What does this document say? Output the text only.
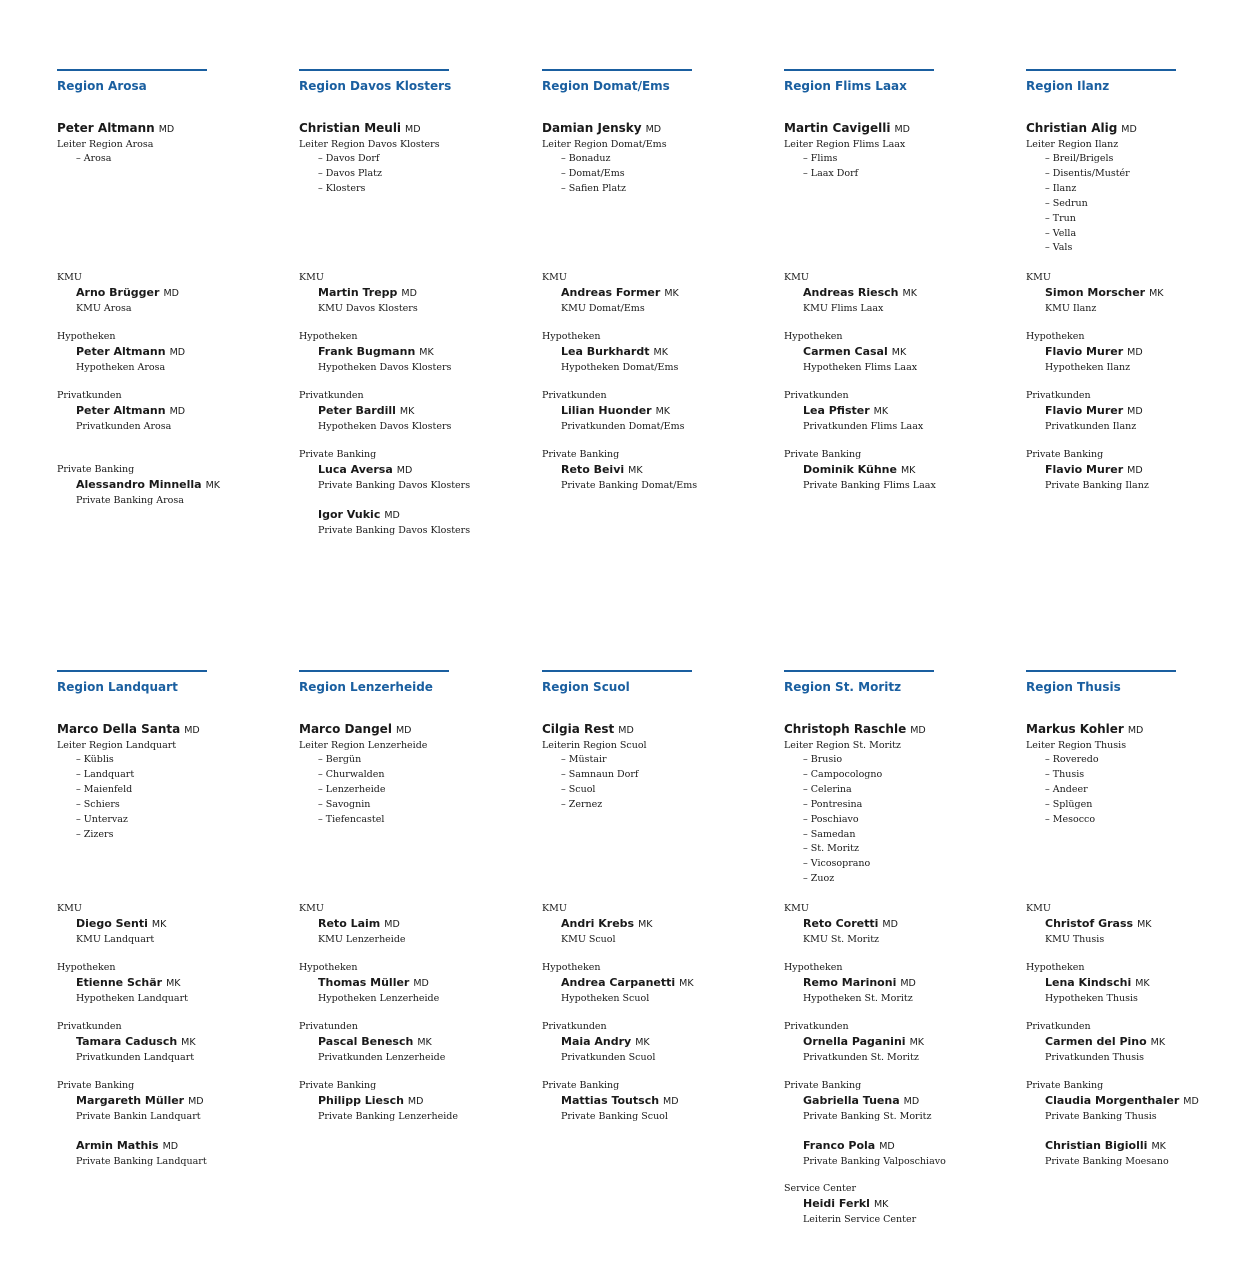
Region Arosa
Peter Altmann MD
Leiter Region Arosa
– Arosa
KMU
Arno Brügger MD
KMU Arosa
Hypotheken
Peter Altmann MD
Hypotheken Arosa
Privatkunden
Peter Altmann MD
Privatkunden Arosa
Private Banking
Alessandro Minnella MK
Private Banking Arosa
Region Davos Klosters
Christian Meuli MD
Leiter Region Davos Klosters
– Davos Dorf
– Davos Platz
– Klosters
KMU
Martin Trepp MD
KMU Davos Klosters
Hypotheken
Frank Bugmann MK
Hypotheken Davos Klosters
Privatkunden
Peter Bardill MK
Hypotheken Davos Klosters
Private Banking
Luca Aversa MD
Private Banking Davos Klosters
Igor Vukic MD
Private Banking Davos Klosters
Region Domat/Ems
Damian Jensky MD
Leiter Region Domat/Ems
– Bonaduz
– Domat/Ems
– Safien Platz
KMU
Andreas Former MK
KMU Domat/Ems
Hypotheken
Lea Burkhardt MK
Hypotheken Domat/Ems
Privatkunden
Lilian Huonder MK
Privatkunden Domat/Ems
Private Banking
Reto Beivi MK
Private Banking Domat/Ems
Region Flims Laax
Martin Cavigelli MD
Leiter Region Flims Laax
– Flims
– Laax Dorf
KMU
Andreas Riesch MK
KMU Flims Laax
Hypotheken
Carmen Casal MK
Hypotheken Flims Laax
Privatkunden
Lea Pfister MK
Privatkunden Flims Laax
Private Banking
Dominik Kühne MK
Private Banking Flims Laax
Region Ilanz
Christian Alig MD
Leiter Region Ilanz
– Breil/Brigels
– Disentis/Mustér
– Ilanz
– Sedrun
– Trun
– Vella
– Vals
KMU
Simon Morscher MK
KMU Ilanz
Hypotheken
Flavio Murer MD
Hypotheken Ilanz
Privatkunden
Flavio Murer MD
Privatkunden Ilanz
Private Banking
Flavio Murer MD
Private Banking Ilanz
Region Landquart
Marco Della Santa MD
Leiter Region Landquart
– Küblis
– Landquart
– Maienfeld
– Schiers
– Untervaz
– Zizers
KMU
Diego Senti MK
KMU Landquart
Hypotheken
Etienne Schär MK
Hypotheken Landquart
Privatkunden
Tamara Cadusch MK
Privatkunden Landquart
Private Banking
Margareth Müller MD
Private Bankin Landquart
Armin Mathis MD
Private Banking Landquart
Region Lenzerheide
Marco Dangel MD
Leiter Region Lenzerheide
– Bergün
– Churwalden
– Lenzerheide
– Savognin
– Tiefencastel
KMU
Reto Laim MD
KMU Lenzerheide
Hypotheken
Thomas Müller MD
Hypotheken Lenzerheide
Privatunden
Pascal Benesch MK
Privatkunden Lenzerheide
Private Banking
Philipp Liesch MD
Private Banking Lenzerheide
Region Scuol
Cilgia Rest MD
Leiterin Region Scuol
– Müstair
– Samnaun Dorf
– Scuol
– Zernez
KMU
Andri Krebs MK
KMU Scuol
Hypotheken
Andrea Carpanetti MK
Hypotheken Scuol
Privatkunden
Maia Andry MK
Privatkunden Scuol
Private Banking
Mattias Toutsch MD
Private Banking Scuol
Region St. Moritz
Christoph Raschle MD
Leiter Region St. Moritz
– Brusio
– Campocologno
– Celerina
– Pontresina
– Poschiavo
– Samedan
– St. Moritz
– Vicosoprano
– Zuoz
KMU
Reto Coretti MD
KMU St. Moritz
Hypotheken
Remo Marinoni MD
Hypotheken St. Moritz
Privatkunden
Ornella Paganini MK
Privatkunden St. Moritz
Private Banking
Gabriella Tuena MD
Private Banking St. Moritz
Franco Pola MD
Private Banking Valposchiavo
Service Center
Heidi Ferkl MK
Leiterin Service Center
Region Thusis
Markus Kohler MD
Leiter Region Thusis
– Roveredo
– Thusis
– Andeer
– Splügen
– Mesocco
KMU
Christof Grass MK
KMU Thusis
Hypotheken
Lena Kindschi MK
Hypotheken Thusis
Privatkunden
Carmen del Pino MK
Privatkunden Thusis
Private Banking
Claudia Morgenthaler MD
Private Banking Thusis
Christian Bigiolli MK
Private Banking Moesano
